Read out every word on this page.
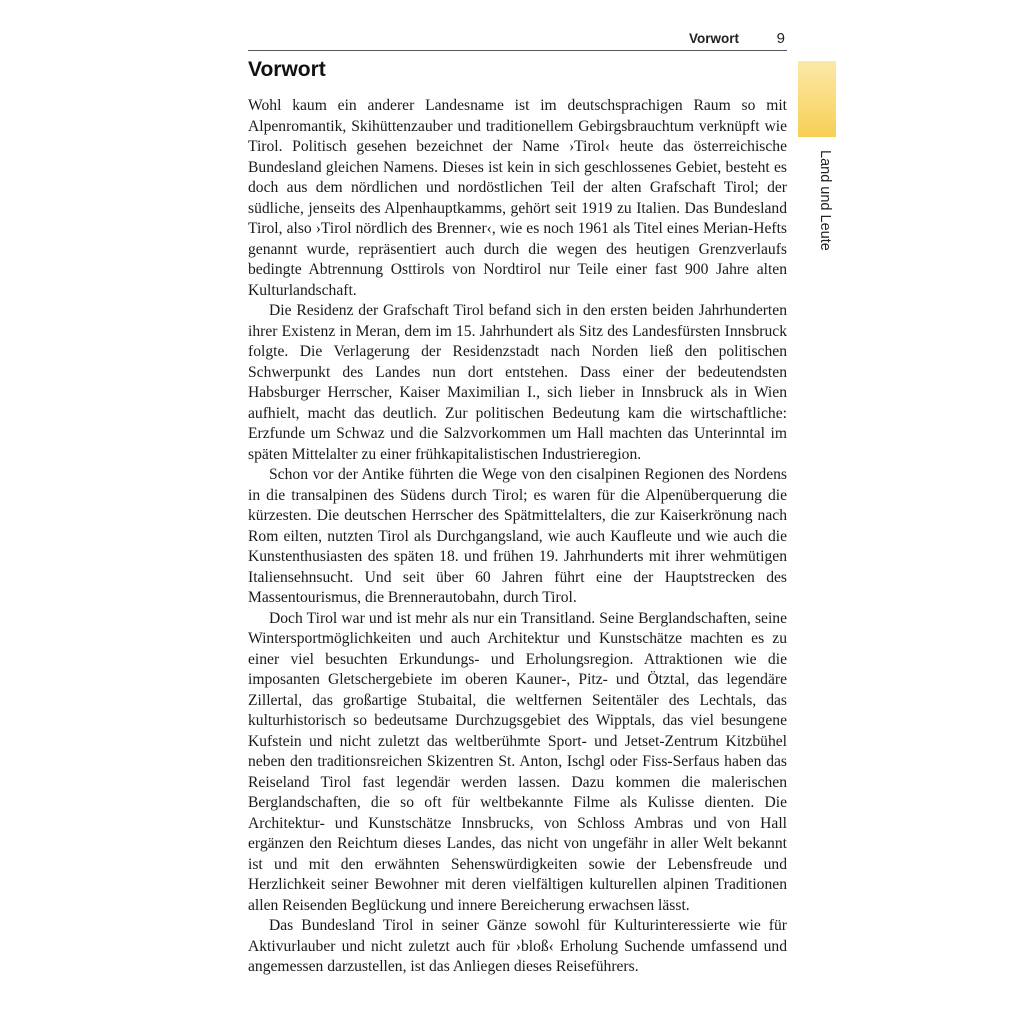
Vorwort	9
Land und Leute
Vorwort

Wohl kaum ein anderer Landesname ist im deutschsprachigen Raum so mit Alpenromantik, Skihüttenzauber und traditionellem Gebirgsbrauchtum verknüpft wie Tirol. Politisch gesehen bezeichnet der Name ›Tirol‹ heute das österreichische Bundesland gleichen Namens. Dieses ist kein in sich geschlossenes Gebiet, besteht es doch aus dem nördlichen und nordöstlichen Teil der alten Grafschaft Tirol; der südliche, jenseits des Alpenhauptkamms, gehört seit 1919 zu Italien. Das Bundesland Tirol, also ›Tirol nördlich des Brenner‹, wie es noch 1961 als Titel eines Merian-Hefts genannt wurde, repräsentiert auch durch die wegen des heutigen Grenzverlaufs bedingte Abtrennung Osttirols von Nordtirol nur Teile einer fast 900 Jahre alten Kulturlandschaft.

Die Residenz der Grafschaft Tirol befand sich in den ersten beiden Jahrhunderten ihrer Existenz in Meran, dem im 15. Jahrhundert als Sitz des Landesfürsten Innsbruck folgte. Die Verlagerung der Residenzstadt nach Norden ließ den politischen Schwerpunkt des Landes nun dort entstehen. Dass einer der bedeutendsten Habsburger Herrscher, Kaiser Maximilian I., sich lieber in Innsbruck als in Wien aufhielt, macht das deutlich. Zur politischen Bedeutung kam die wirtschaftliche: Erzfunde um Schwaz und die Salzvorkommen um Hall machten das Unterinntal im späten Mittelalter zu einer frühkapitalistischen Industrieregion.

Schon vor der Antike führten die Wege von den cisalpinen Regionen des Nordens in die transalpinen des Südens durch Tirol; es waren für die Alpenüberquerung die kürzesten. Die deutschen Herrscher des Spätmittelalters, die zur Kaiserkrönung nach Rom eilten, nutzten Tirol als Durchgangsland, wie auch Kaufleute und wie auch die Kunstenthusiasten des späten 18. und frühen 19. Jahrhunderts mit ihrer wehmütigen Italiensehnsucht. Und seit über 60 Jahren führt eine der Hauptstrecken des Massentourismus, die Brennerautobahn, durch Tirol.

Doch Tirol war und ist mehr als nur ein Transitland. Seine Berglandschaften, seine Wintersportmöglichkeiten und auch Architektur und Kunstschätze machten es zu einer viel besuchten Erkundungs- und Erholungsregion. Attraktionen wie die imposanten Gletschergebiete im oberen Kauner-, Pitz- und Ötztal, das legendäre Zillertal, das großartige Stubaital, die weltfernen Seitentäler des Lechtals, das kulturhistorisch so bedeutsame Durchzugsgebiet des Wipptals, das viel besungene Kufstein und nicht zuletzt das weltberühmte Sport- und Jetset-Zentrum Kitzbühel neben den traditionsreichen Skizentren St. Anton, Ischgl oder Fiss-Serfaus haben das Reiseland Tirol fast legendär werden lassen. Dazu kommen die malerischen Berglandschaften, die so oft für weltbekannte Filme als Kulisse dienten. Die Architektur- und Kunstschätze Innsbrucks, von Schloss Ambras und von Hall ergänzen den Reichtum dieses Landes, das nicht von ungefähr in aller Welt bekannt ist und mit den erwähnten Sehenswürdigkeiten sowie der Lebensfreude und Herzlichkeit seiner Bewohner mit deren vielfältigen kulturellen alpinen Traditionen allen Reisenden Beglückung und innere Bereicherung erwachsen lässt.

Das Bundesland Tirol in seiner Gänze sowohl für Kulturinteressierte wie für Aktivurlauber und nicht zuletzt auch für ›bloß‹ Erholung Suchende umfassend und angemessen darzustellen, ist das Anliegen dieses Reiseführers.
